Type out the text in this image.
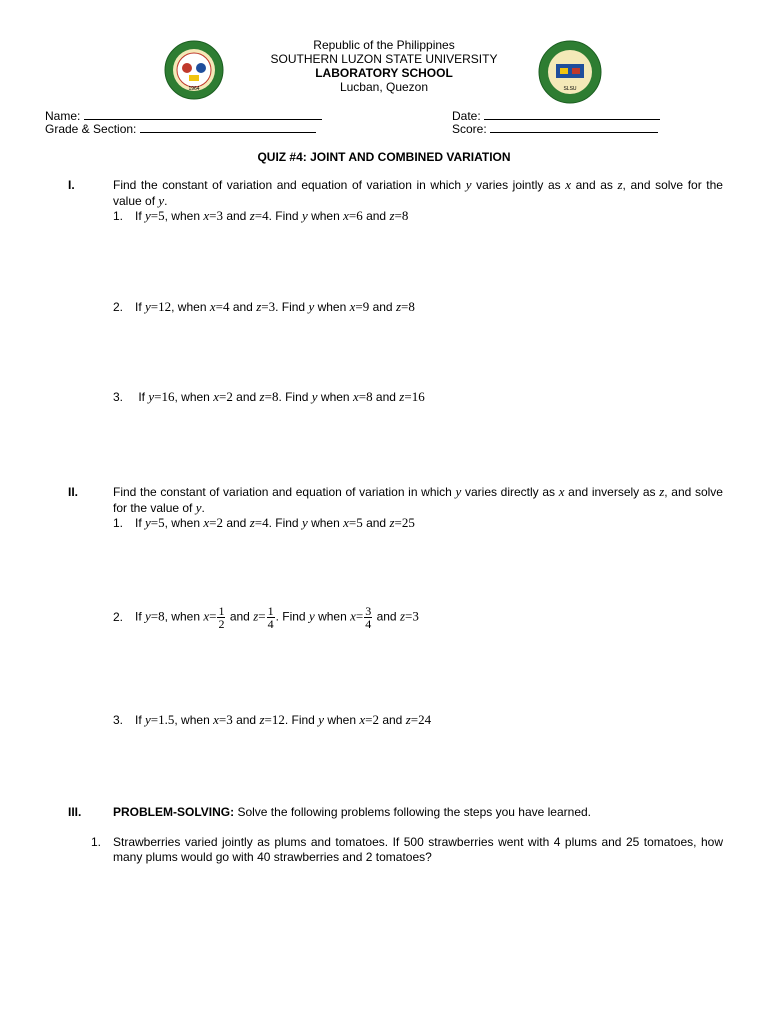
1964	SLSU
Republic of the Philippines
SOUTHERN LUZON STATE UNIVERSITY
LABORATORY SCHOOL
Lucban, Quezon
Name:
Grade & Section:
Date:
Score:
QUIZ #4: JOINT AND COMBINED VARIATION
I.	Find the constant of variation and equation of variation in which y varies jointly as x and as z, and solve for the value of y.
1. If y=5, when x=3 and z=4. Find y when x=6 and z=8
2. If y=12, when x=4 and z=3. Find y when x=9 and z=8
3. If y=16, when x=2 and z=8. Find y when x=8 and z=16
II.	Find the constant of variation and equation of variation in which y varies directly as x and inversely as z, and solve for the value of y.
1. If y=5, when x=2 and z=4. Find y when x=5 and z=25
2. If y=8, when $x= \frac{1}{2}$ and $z= \frac{1}{4}$ . Find y when $x= \frac{3}{4}$ and z=3
3. If y=1.5, when x=3 and z=12. Find y when x=2 and z=24
III.	PROBLEM-SOLVING: Solve the following problems following the steps you have learned.
1. Strawberries varied jointly as plums and tomatoes. If 500 strawberries went with 4 plums and 25 tomatoes, how many plums would go with 40 strawberries and 2 tomatoes?
